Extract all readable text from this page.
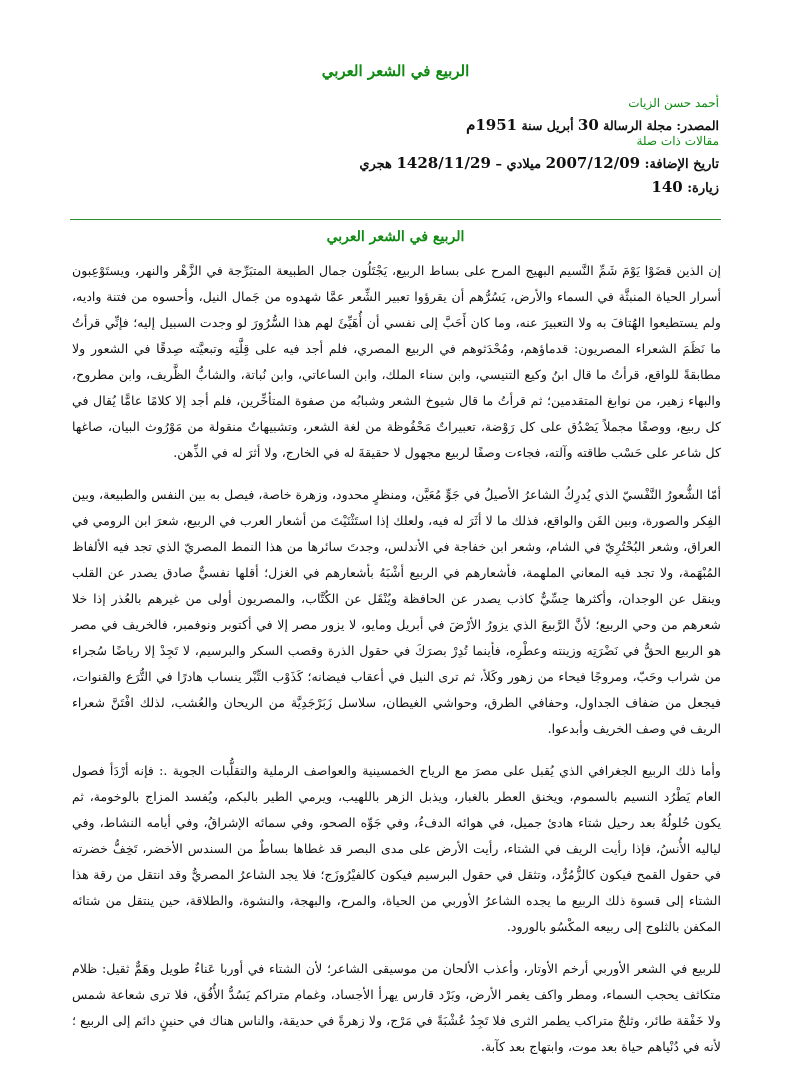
الربيع في الشعر العربي
أحمد حسن الزيات
المصدر: مجلة الرسالة 30 أبريل سنة 1951م
مقالات ذات صلة
تاريخ الإضافة: 2007/12/09 ميلادي – 1428/11/29 هجري
زيارة: 140
الربيع في الشعر العربي

إن الذين قضَوْا يَوْمَ شَمِّ النَّسيم البهيج المرح على بساط الربيع، يَجْتَلُون جمال الطبيعة المتبَرِّجة في الزَّهْر والنهر، ويستَوْعِبون أسرار الحياة المنبثَّة في السماء والأرض، يَسُرُّهم أن يقرؤوا تعبير الشِّعر عمَّا شهدوه من جَمال النيل، وأحسوه من فتنة واديه، ولم يستطيعوا الهُتافَ به ولا التعبيرَ عنه، وما كان أَحَبَّ إلى نفسي أن أُهَيِّئَ لهم هذا السُّرُورَ لو وجدت السبيل إليه؛ فإنِّي قرأتُ ما نَظَمَ الشعراء المصريون: قدماؤهم، ومُحْدَثوهم في الربيع المصري، فلم أجد فيه على قِلَّتِه وتبعيَّته صِدقًا في الشعور ولا مطابقةً للواقع، قرأتُ ما قال ابنُ وكيع التنيسي، وابن سناء الملك، وابن الساعاتي، وابن نُباتة، والشابُّ الظَّريف، وابن مطروح، والبهاء زهير، من نوابغ المتقدمين؛ ثم قرأتُ ما قال شيوخ الشعر وشبابُه من صفوة المتأخِّرين، فلم أجد إلا كلامًا عامًّا يُقال في كل ربيع، ووصفًا مجملاً يَصْدُق على كل رَوْضة، تعبيراتٌ مَحْفُوظة من لغة الشعر، وتشبيهاتٌ منقولة من مَوْرُوث البيان، صاغها كل شاعر على حَسْب طاقته وآلته، فجاءت وصفًا لربيع مجهول لا حقيقةَ له في الخارج، ولا أثرَ له في الذِّهن.

أمّا الشُّعورُ النَّفْسيّ الذي يُدرِكُ الشاعرُ الأصيلُ في جَوٍّ مُعَيَّن، ومنظرٍ محدود، وزهرة خاصة، فيصل به بين النفس والطبيعة، وبين الفِكر والصورة، وبين الفَن والواقع، فذلك ما لا أثَرَ له فيه، ولعلك إذا استَثْنَيْتَ من أشعار العرب في الربيع، شعرَ ابن الرومي في العراق، وشعر البُحْتُرِيّ في الشام، وشعر ابن خفاجة في الأندلس، وجدتَ سائرها من هذا النمط المصريّ الذي تجد فيه الألفاظ المُبْهَمة، ولا تجد فيه المعاني الملهمة، فأشعارهم في الربيع أشْبَهُ بأشعارهم في الغزل؛ أقلها نفسيٌّ صادق يصدر عن القلب وينقل عن الوجدان، وأكثرها حِسِّيٌّ كاذب يصدر عن الحافظة ويُنْقَل عن الكُتَّاب، والمصريون أولى من غيرهم بالعُذر إذا خلا شعرهم من وحي الربيع؛ لأنَّ الرَّبيعَ الذي يزورُ الأرْضَ في أبريل ومايو، لا يزور مصر إلا في أكتوبر ونوفمبر، فالخريف في مصر هو الربيع الحقُّ في نَضْرَتِه وزينته وعطْرِه، فأينما تُدِرْ بصرَكَ في حقول الذرة وقصب السكر والبرسيم، لا تَجِدْ إلا رياضًا سُجراء من شراب وحَبّ، ومروجًا فيحاء من زهور وكَلأ، ثم ترى النيل في أعقاب فيضانه؛ كَذَوْب التِّبْر ينساب هادرًا في التُّرَع والقنوات، فيجعل من ضفاف الجداول، وحفافي الطرق، وحواشي الغيطان، سلاسل زَبَرْجَدِيَّة من الريحان والعُشب، لذلك افْتَنَّ شعراء الريف في وصف الخريف وأبدعوا.

وأما ذلك الربيع الجغرافي الذي يُقبل على مصرَ مع الرياح الخمسينية والعواصف الرملية والتقلُّبات الجوية .: فإنه أرْدَأ فصول العام يَطْرُد النسيم بالسموم، ويخنق العطر بالغبار، ويذبل الزهر باللهيب، ويرمي الطير بالبكم، ويُفسد المزاج بالوخومة، ثم يكون حُلولُهُ بعد رحيل شتاء هادئ جميل، في هوائه الدفءُ، وفي جَوِّه الصحو، وفي سمائه الإشراقُ، وفي أيامه النشاط، وفي لياليه الأُنسُ، فإذا رأيت الريف في الشتاء، رأيت الأرض على مدى البصر قد غطاها بساطٌ من السندس الأخضر، تَخِفُّ خضرته في حقول القمح فيكون كالزُّمُرُّد، وتثقل في حقول البرسيم فيكون كالفيْرُوزَج؛ فلا يجد الشاعرُ المصريُّ وقد انتقل من رقة هذا الشتاء إلى قسوة ذلك الربيع ما يجده الشاعرُ الأوربي من الحياة، والمرح، والبهجة، والنشوة، والطلاقة، حين ينتقل من شتائه المكفن بالثلوج إلى ربيعه المكْسُو بالورود.

للربيع في الشعر الأوربي أرخم الأوتار، وأعذب الألحان من موسيقى الشاعر؛ لأن الشتاء في أوربا عَناءٌ طويل وهَمٌّ ثقيل: ظلام متكاثف يحجب السماء، ومطر واكف يغمر الأرض، وبَرْد قارس يهرأ الأجساد، وغمام متراكم يَسُدُّ الأُفُق، فلا ترى شعاعة شمس ولا خَفْقة طائر، وثلجٌ متراكب يطمر الثرى فلا تَجِدُ عُشْبَةً في مَرْج، ولا زهرةً في حديقة، والناس هناك في حنينٍ دائم إلى الربيع ؛ لأنه في دُنْياهم حياة بعد موت، وابتهاج بعد كآبة.
